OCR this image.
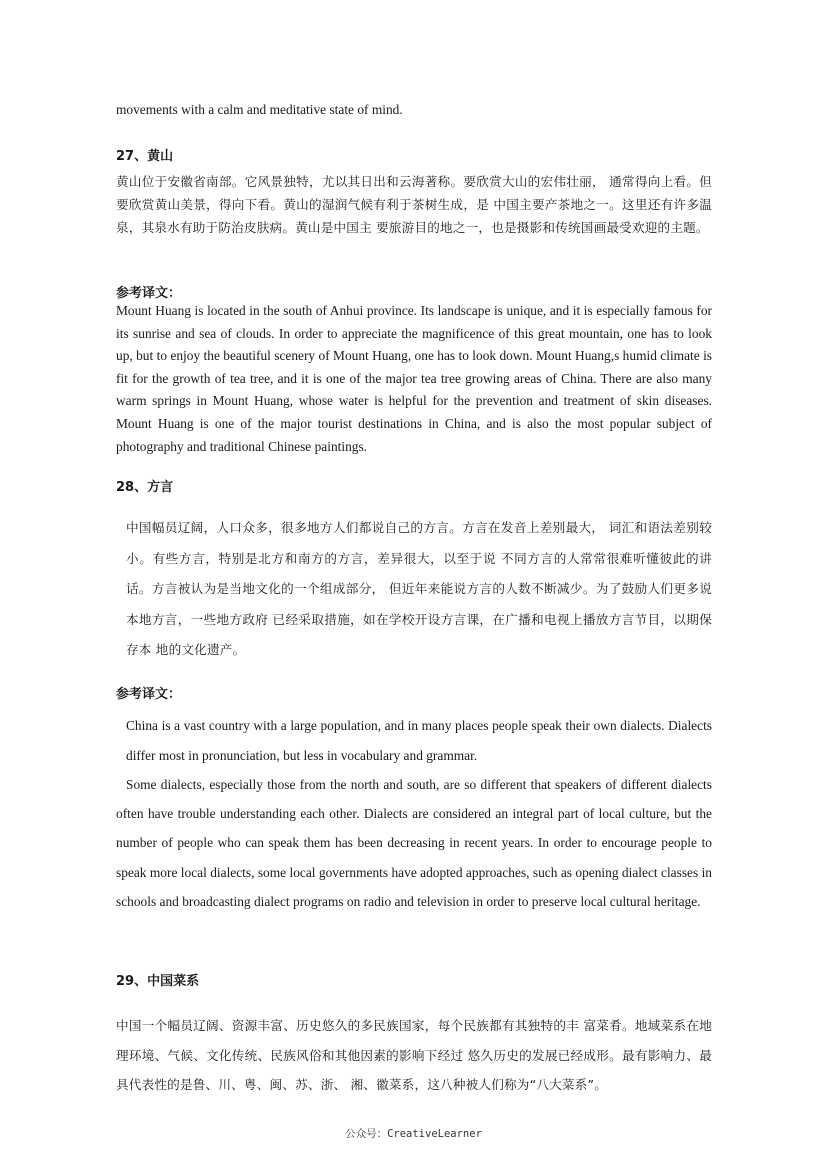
movements with a calm and meditative state of mind.
27、黄山
黄山位于安徽省南部。它风景独特，尤以其日出和云海著称。要欣赏大山的宏伟壮丽， 通常得向上看。但要欣赏黄山美景，得向下看。黄山的湿润气候有利于茶树生成，是 中国主要产茶地之一。这里还有许多温泉，其泉水有助于防治皮肤病。黄山是中国主 要旅游目的地之一，也是摄影和传统国画最受欢迎的主题。
参考译文：
Mount Huang is located in the south of Anhui province. Its landscape is unique, and it is especially famous for its sunrise and sea of clouds. In order to appreciate the magnificence of this great mountain, one has to look up, but to enjoy the beautiful scenery of Mount Huang, one has to look down. Mount Huang,s humid climate is fit for the growth of tea tree, and it is one of the major tea tree growing areas of China. There are also many warm springs in Mount Huang, whose water is helpful for the prevention and treatment of skin diseases. Mount Huang is one of the major tourist destinations in China, and is also the most popular subject of photography and traditional Chinese paintings.
28、方言
中国幅员辽阔，人口众多，很多地方人们都说自己的方言。方言在发音上差别最大， 词汇和语法差别较小。有些方言，特别是北方和南方的方言，差异很大，以至于说 不同方言的人常常很难听懂彼此的讲话。方言被认为是当地文化的一个组成部分， 但近年来能说方言的人数不断减少。为了鼓励人们更多说本地方言，一些地方政府 已经采取措施，如在学校开设方言课，在广播和电视上播放方言节目，以期保存本 地的文化遗产。
参考译文：
China is a vast country with a large population, and in many places people speak their own dialects. Dialects differ most in pronunciation, but less in vocabulary and grammar.
Some dialects, especially those from the north and south, are so different that speakers of different dialects often have trouble understanding each other. Dialects are considered an integral part of local culture, but the number of people who can speak them has been decreasing in recent years. In order to encourage people to speak more local dialects, some local governments have adopted approaches, such as opening dialect classes in schools and broadcasting dialect programs on radio and television in order to preserve local cultural heritage.
29、中国菜系
中国一个幅员辽阔、资源丰富、历史悠久的多民族国家，每个民族都有其独特的丰 富菜肴。地域菜系在地理环境、气候、文化传统、民族风俗和其他因素的影响下经过 悠久历史的发展已经成形。最有影响力、最具代表性的是鲁、川、粤、闽、苏、浙、 湘、徽菜系，这八种被人们称为“八大菜系”。
公众号：CreativeLearner
